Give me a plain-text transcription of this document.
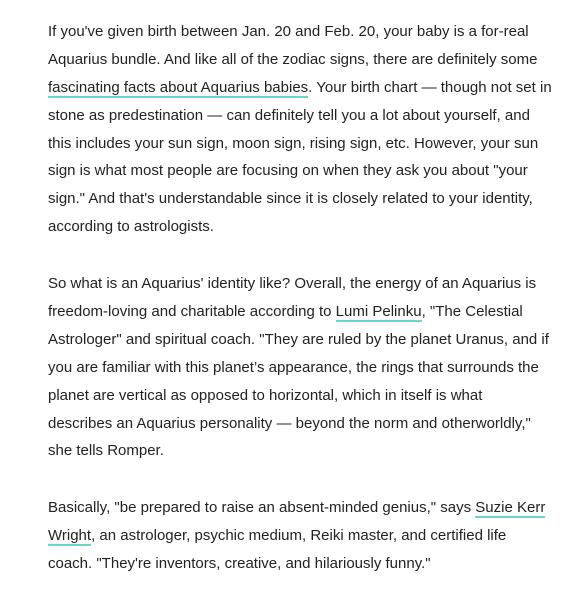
If you've given birth between Jan. 20 and Feb. 20, your baby is a for-real
Aquarius bundle. And like all of the zodiac signs, there are definitely some
fascinating facts about Aquarius babies. Your birth chart — though not set in
stone as predestination — can definitely tell you a lot about yourself, and
this includes your sun sign, moon sign, rising sign, etc. However, your sun
sign is what most people are focusing on when they ask you about "your
sign." And that's understandable since it is closely related to your identity,
according to astrologists.

So what is an Aquarius' identity like? Overall, the energy of an Aquarius is
freedom-loving and charitable according to Lumi Pelinku, "The Celestial
Astrologer" and spiritual coach. "They are ruled by the planet Uranus, and if
you are familiar with this planet’s appearance, the rings that surrounds the
planet are vertical as opposed to horizontal, which in itself is what
describes an Aquarius personality — beyond the norm and otherworldly,"
she tells Romper.

Basically, "be prepared to raise an absent-minded genius," says Suzie Kerr
Wright, an astrologer, psychic medium, Reiki master, and certified life
coach. "They're inventors, creative, and hilariously funny."
